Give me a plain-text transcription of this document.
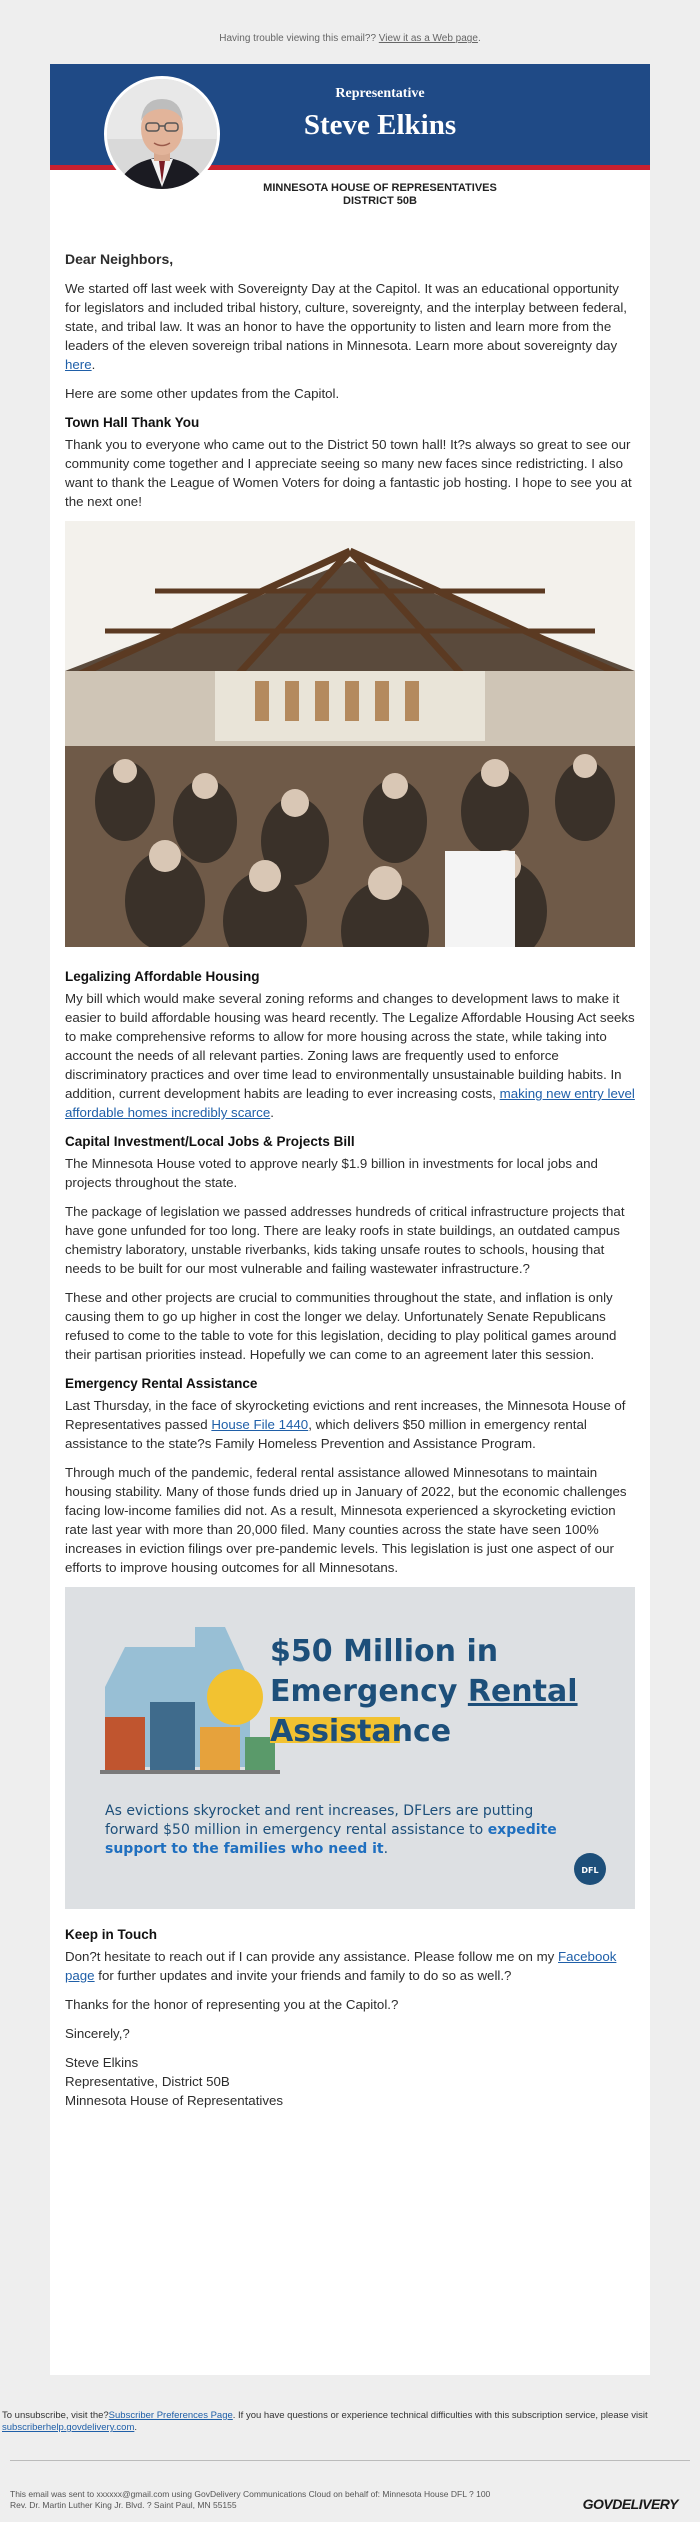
Having trouble viewing this email?? View it as a Web page.
Representative
Steve Elkins
MINNESOTA HOUSE OF REPRESENTATIVES
DISTRICT 50B

Dear Neighbors,

We started off last week with Sovereignty Day at the Capitol. It was an educational opportunity for legislators and included tribal history, culture, sovereignty, and the interplay between federal, state, and tribal law. It was an honor to have the opportunity to listen and learn more from the leaders of the eleven sovereign tribal nations in Minnesota. Learn more about sovereignty day here.

Here are some other updates from the Capitol.

Town Hall Thank You

Thank you to everyone who came out to the District 50 town hall! It?s always so great to see our community come together and I appreciate seeing so many new faces since redistricting. I also want to thank the League of Women Voters for doing a fantastic job hosting. I hope to see you at the next one!

Legalizing Affordable Housing

My bill which would make several zoning reforms and changes to development laws to make it easier to build affordable housing was heard recently. The Legalize Affordable Housing Act seeks to make comprehensive reforms to allow for more housing across the state, while taking into account the needs of all relevant parties. Zoning laws are frequently used to enforce discriminatory practices and over time lead to environmentally unsustainable building habits. In addition, current development habits are leading to ever increasing costs, making new entry level affordable homes incredibly scarce.

Capital Investment/Local Jobs & Projects Bill

The Minnesota House voted to approve nearly $1.9 billion in investments for local jobs and projects throughout the state.

The package of legislation we passed addresses hundreds of critical infrastructure projects that have gone unfunded for too long. There are leaky roofs in state buildings, an outdated campus chemistry laboratory, unstable riverbanks, kids taking unsafe routes to schools, housing that needs to be built for our most vulnerable and failing wastewater infrastructure.?

These and other projects are crucial to communities throughout the state, and inflation is only causing them to go up higher in cost the longer we delay. Unfortunately Senate Republicans refused to come to the table to vote for this legislation, deciding to play political games around their partisan priorities instead. Hopefully we can come to an agreement later this session.

Emergency Rental Assistance

Last Thursday, in the face of skyrocketing evictions and rent increases, the Minnesota House of Representatives passed House File 1440, which delivers $50 million in emergency rental assistance to the state?s Family Homeless Prevention and Assistance Program.

Through much of the pandemic, federal rental assistance allowed Minnesotans to maintain housing stability. Many of those funds dried up in January of 2022, but the economic challenges facing low-income families did not. As a result, Minnesota experienced a skyrocketing eviction rate last year with more than 20,000 filed. Many counties across the state have seen 100% increases in eviction filings over pre-pandemic levels. This legislation is just one aspect of our efforts to improve housing outcomes for all Minnesotans.

$50 Million in
Emergency Rental
Assistance
As evictions skyrocket and rent increases, DFLers are putting forward $50 million in emergency rental assistance to expedite support to the families who need it.
DFL
Keep in Touch

Don?t hesitate to reach out if I can provide any assistance. Please follow me on my Facebook page for further updates and invite your friends and family to do so as well.?

Thanks for the honor of representing you at the Capitol.?

Sincerely,?

Steve Elkins

Representative, District 50B

Minnesota House of Representatives

To unsubscribe, visit the?Subscriber Preferences Page. If you have questions or experience technical difficulties with this subscription service, please visit subscriberhelp.govdelivery.com.
This email was sent to xxxxxx@gmail.com using GovDelivery Communications Cloud on behalf of: Minnesota House DFL ? 100
Rev. Dr. Martin Luther King Jr. Blvd. ? Saint Paul, MN 55155	GOVDELIVERY
